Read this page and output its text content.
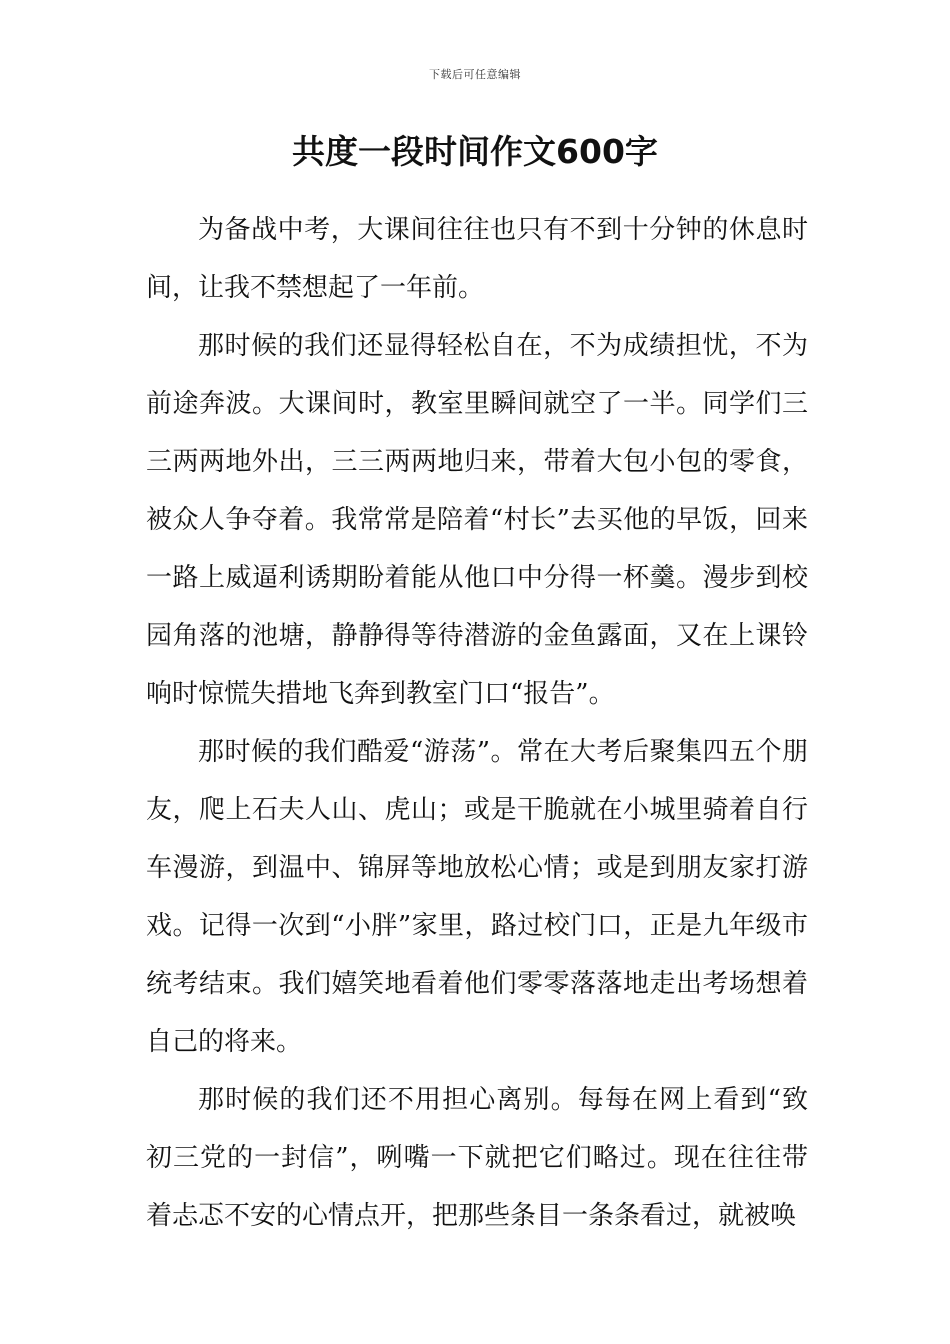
下载后可任意编辑
共度一段时间作文600字

为备战中考，大课间往往也只有不到十分钟的休息时间，让我不禁想起了一年前。

那时候的我们还显得轻松自在，不为成绩担忧，不为前途奔波。大课间时，教室里瞬间就空了一半。同学们三三两两地外出，三三两两地归来，带着大包小包的零食，被众人争夺着。我常常是陪着“村长”去买他的早饭，回来一路上威逼利诱期盼着能从他口中分得一杯羹。漫步到校园角落的池塘，静静得等待潜游的金鱼露面，又在上课铃响时惊慌失措地飞奔到教室门口“报告”。

那时候的我们酷爱“游荡”。常在大考后聚集四五个朋友，爬上石夫人山、虎山；或是干脆就在小城里骑着自行车漫游，到温中、锦屏等地放松心情；或是到朋友家打游戏。记得一次到“小胖”家里，路过校门口，正是九年级市统考结束。我们嬉笑地看着他们零零落落地走出考场想着自己的将来。

那时候的我们还不用担心离别。每每在网上看到“致初三党的一封信”，咧嘴一下就把它们略过。现在往往带着忐忑不安的心情点开，把那些条目一条条看过，就被唤
